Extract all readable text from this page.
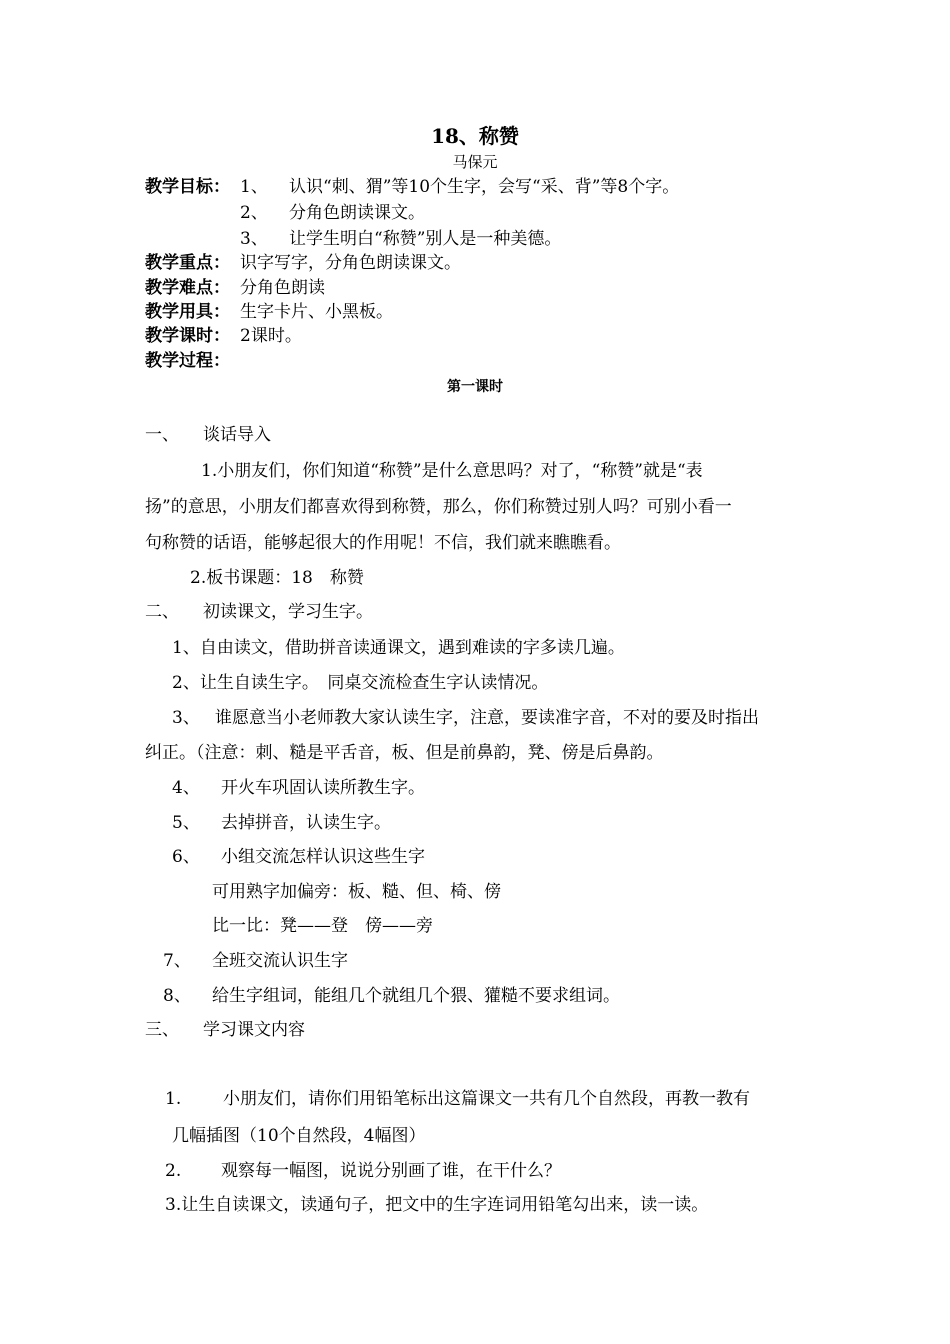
18、称赞
马保元
教学目标： 1、 认识“刺、猬”等10个生字，会写“采、背”等8个字。
2、 分角色朗读课文。
3、 让学生明白“称赞”别人是一种美德。
教学重点： 识字写字，分角色朗读课文。
教学难点： 分角色朗读
教学用具： 生字卡片、小黑板。
教学课时： 2课时。
教学过程：
第一课时
一、 谈话导入
1.小朋友们，你们知道“称赞”是什么意思吗？对了，“称赞”就是“表
扬”的意思，小朋友们都喜欢得到称赞，那么，你们称赞过别人吗？可别小看一
句称赞的话语，能够起很大的作用呢！不信，我们就来瞧瞧看。
2.板书课题：18　称赞
二、 初读课文，学习生字。
1、自由读文，借助拼音读通课文，遇到难读的字多读几遍。
2、让生自读生字。　同桌交流检查生字认读情况。
3、 谁愿意当小老师教大家认读生字，注意，要读准字音，不对的要及时指出
纠正。（注意：刺、糙是平舌音，板、但是前鼻韵，凳、傍是后鼻韵。
4、 开火车巩固认读所教生字。
5、 去掉拼音，认读生字。
6、 小组交流怎样认识这些生字
可用熟字加偏旁：板、糙、但、椅、傍
比一比：凳——登　傍——旁
7、 全班交流认识生字
8、 给生字组词，能组几个就组几个猥、獾糙不要求组词。
三、 学习课文内容
1. 小朋友们，请你们用铅笔标出这篇课文一共有几个自然段，再教一教有
几幅插图（10个自然段，4幅图）
2. 观察每一幅图，说说分别画了谁，在干什么？
3.让生自读课文，读通句子，把文中的生字连词用铅笔勾出来，读一读。
